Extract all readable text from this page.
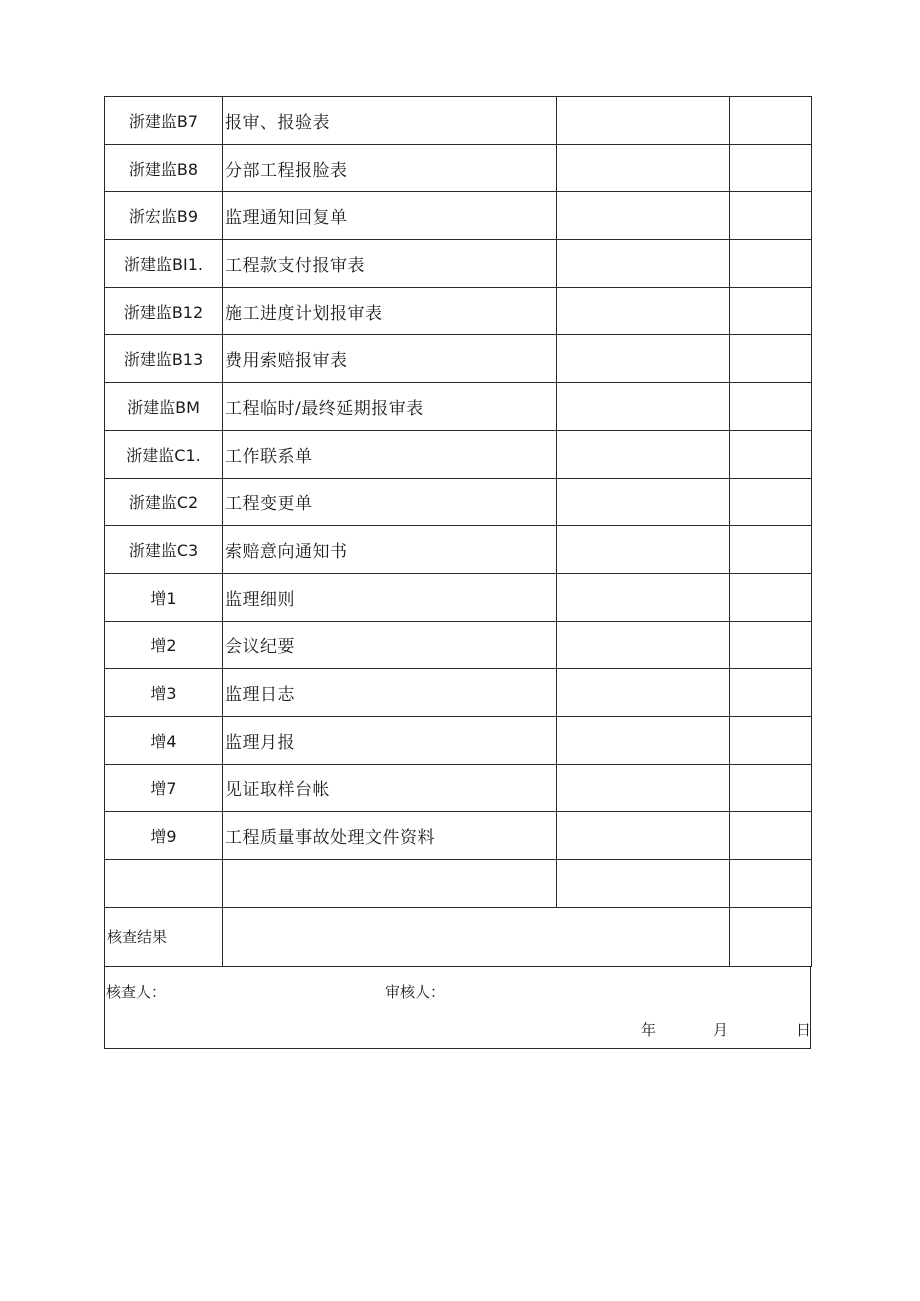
浙建监B7	报审、报验表		
浙建监B8	分部工程报脸表		
浙宏监B9	监理通知回复单		
浙建监BI1.	工程款支付报审表		
浙建监B12	施工进度计划报审表		
浙建监B13	费用索赔报审表		
浙建监BM	工程临时/最终延期报审表		
浙建监C1.	工作联系单		
浙建监C2	工程变更单		
浙建监C3	索赔意向通知书		
增1	监理细则		
增2	会议纪要		
增3	监理日志		
增4	监理月报		
增7	见证取样台帐		
增9	工程质量事故处理文件资料		

核查结果			
核查人：	审核人：
年	月	日
